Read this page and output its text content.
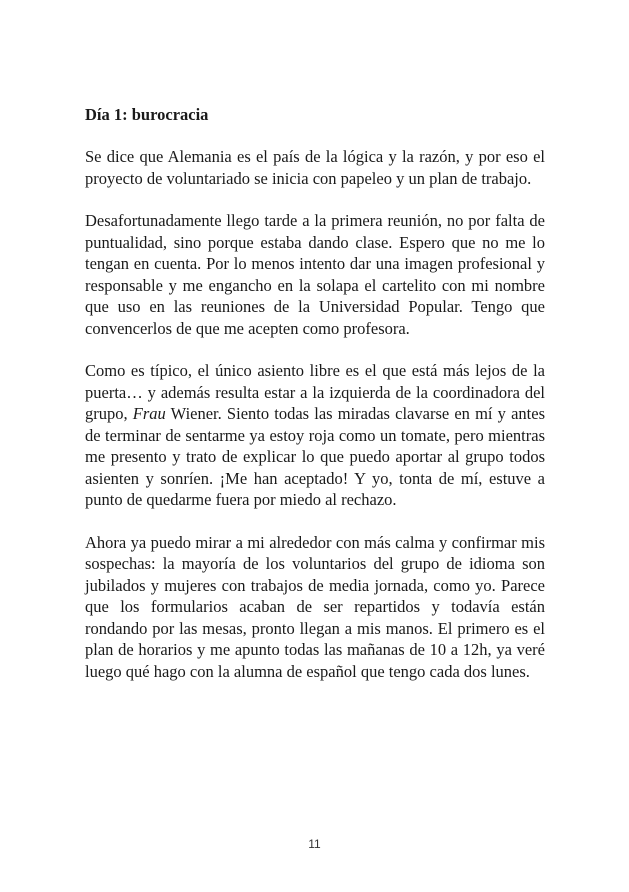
Día 1: burocracia

Se dice que Alemania es el país de la lógica y la razón, y por eso el proyecto de voluntariado se inicia con papeleo y un plan de trabajo.

Desafortunadamente llego tarde a la primera reunión, no por falta de puntualidad, sino porque estaba dando clase. Espero que no me lo tengan en cuenta. Por lo menos intento dar una imagen profesional y responsable y me engancho en la solapa el cartelito con mi nombre que uso en las reuniones de la Universidad Popular. Tengo que convencerlos de que me acepten como profesora.

Como es típico, el único asiento libre es el que está más lejos de la puerta… y además resulta estar a la izquierda de la coordinadora del grupo, Frau Wiener. Siento todas las miradas clavarse en mí y antes de terminar de sentarme ya estoy roja como un tomate, pero mientras me presento y trato de explicar lo que puedo aportar al grupo todos asienten y sonríen. ¡Me han aceptado! Y yo, tonta de mí, estuve a punto de quedarme fuera por miedo al rechazo.

Ahora ya puedo mirar a mi alrededor con más calma y confirmar mis sospechas: la mayoría de los voluntarios del grupo de idioma son jubilados y mujeres con trabajos de media jornada, como yo. Parece que los formularios acaban de ser repartidos y todavía están rondando por las mesas, pronto llegan a mis manos. El primero es el plan de horarios y me apunto todas las mañanas de 10 a 12h, ya veré luego qué hago con la alumna de español que tengo cada dos lunes.

11
